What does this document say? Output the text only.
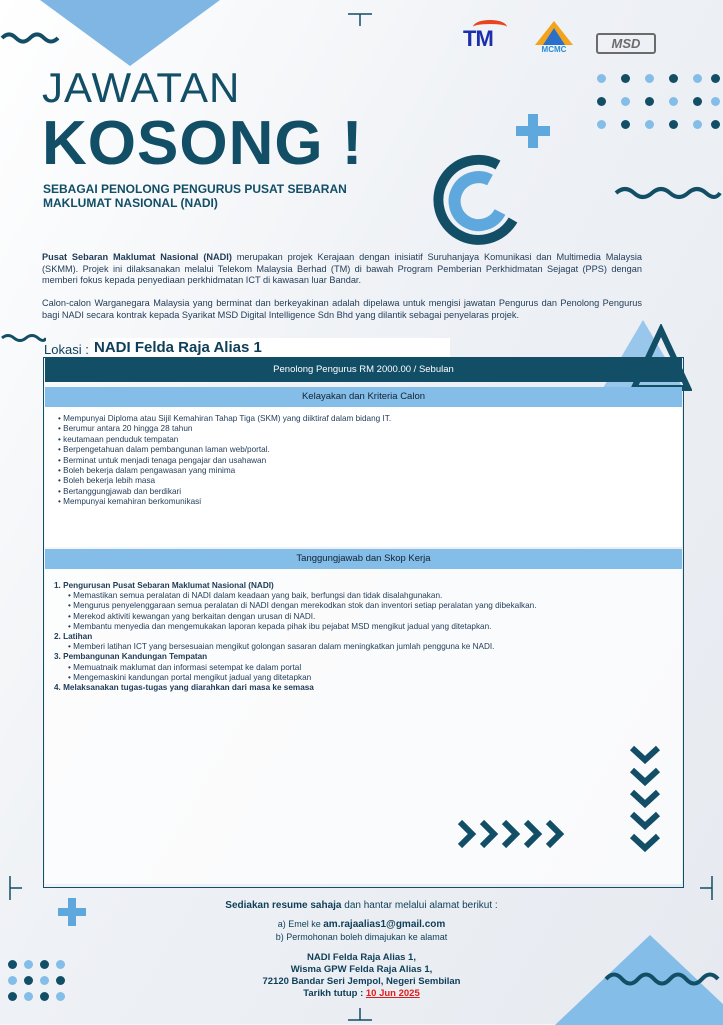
TM	MCMC	MSD
JAWATAN
KOSONG !
SEBAGAI PENOLONG PENGURUS PUSAT SEBARAN MAKLUMAT NASIONAL (NADI)
Pusat Sebaran Maklumat Nasional (NADI) merupakan projek Kerajaan dengan inisiatif Suruhanjaya Komunikasi dan Multimedia Malaysia (SKMM). Projek ini dilaksanakan melalui Telekom Malaysia Berhad (TM) di bawah Program Pemberian Perkhidmatan Sejagat (PPS) dengan memberi fokus kepada penyediaan perkhidmatan ICT di kawasan luar Bandar.
Calon-calon Warganegara Malaysia yang berminat dan berkeyakinan adalah dipelawa untuk mengisi jawatan Pengurus dan Penolong Pengurus bagi NADI secara kontrak kepada Syarikat MSD Digital Intelligence Sdn Bhd yang dilantik sebagai penyelaras projek.
Lokasi : NADI Felda Raja Alias 1
Penolong Pengurus RM 2000.00 / Sebulan
Kelayakan dan Kriteria Calon
• Mempunyai Diploma atau Sijil Kemahiran Tahap Tiga (SKM) yang diiktiraf dalam bidang IT.
• Berumur antara 20 hingga 28 tahun
• keutamaan penduduk tempatan
• Berpengetahuan dalam pembangunan laman web/portal.
• Berminat untuk menjadi tenaga pengajar dan usahawan
• Boleh bekerja dalam pengawasan yang minima
• Boleh bekerja lebih masa
• Bertanggungjawab dan berdikari
• Mempunyai kemahiran berkomunikasi
Tanggungjawab dan Skop Kerja
1. Pengurusan Pusat Sebaran Maklumat Nasional (NADI)
• Memastikan semua peralatan di NADI dalam keadaan yang baik, berfungsi dan tidak disalahgunakan.
• Mengurus penyelenggaraan semua peralatan di NADI dengan merekodkan stok dan inventori setiap peralatan yang dibekalkan.
• Merekod aktiviti kewangan yang berkaitan dengan urusan di NADI.
• Membantu menyedia dan mengemukakan laporan kepada pihak ibu pejabat MSD mengikut jadual yang ditetapkan.
2. Latihan
• Memberi latihan ICT yang bersesuaian mengikut golongan sasaran dalam meningkatkan jumlah pengguna ke NADI.
3. Pembangunan Kandungan Tempatan
• Memuatnaik maklumat dan informasi setempat ke dalam portal
• Mengemaskini kandungan portal mengikut jadual yang ditetapkan
4. Melaksanakan tugas-tugas yang diarahkan dari masa ke semasa
Sediakan resume sahaja dan hantar melalui alamat berikut :
a) Emel ke am.rajaalias1@gmail.com
b) Permohonan boleh dimajukan ke alamat
NADI Felda Raja Alias 1,
Wisma GPW Felda Raja Alias 1,
72120 Bandar Seri Jempol, Negeri Sembilan
Tarikh tutup : 10 Jun 2025
